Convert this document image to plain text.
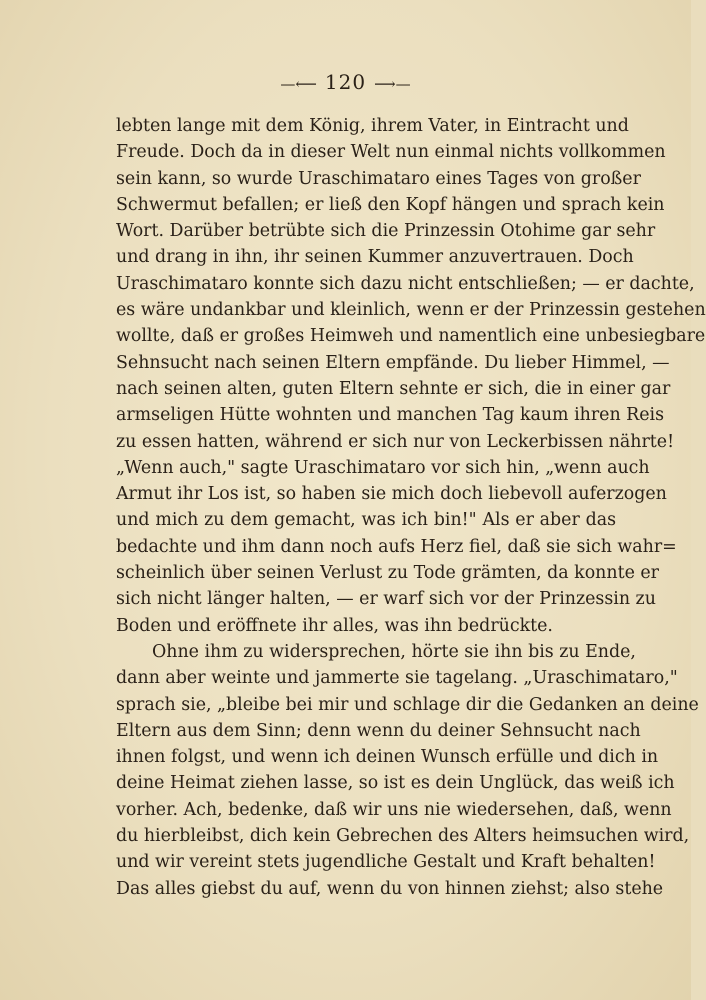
—⟵ 120 ⟶—
lebten lange mit dem König, ihrem Vater, in Eintracht und
Freude. Doch da in dieser Welt nun einmal nichts vollkommen
sein kann, so wurde Uraschimataro eines Tages von großer
Schwermut befallen; er ließ den Kopf hängen und sprach kein
Wort. Darüber betrübte sich die Prinzessin Otohime gar sehr
und drang in ihn, ihr seinen Kummer anzuvertrauen. Doch
Uraschimataro konnte sich dazu nicht entschließen; — er dachte,
es wäre undankbar und kleinlich, wenn er der Prinzessin gestehen
wollte, daß er großes Heimweh und namentlich eine unbesiegbare
Sehnsucht nach seinen Eltern empfände. Du lieber Himmel, —
nach seinen alten, guten Eltern sehnte er sich, die in einer gar
armseligen Hütte wohnten und manchen Tag kaum ihren Reis
zu essen hatten, während er sich nur von Leckerbissen nährte!
„Wenn auch," sagte Uraschimataro vor sich hin, „wenn auch
Armut ihr Los ist, so haben sie mich doch liebevoll auferzogen
und mich zu dem gemacht, was ich bin!" Als er aber das
bedachte und ihm dann noch aufs Herz fiel, daß sie sich wahr=
scheinlich über seinen Verlust zu Tode grämten, da konnte er
sich nicht länger halten, — er warf sich vor der Prinzessin zu
Boden und eröffnete ihr alles, was ihn bedrückte.
Ohne ihm zu widersprechen, hörte sie ihn bis zu Ende,
dann aber weinte und jammerte sie tagelang. „Uraschimataro,"
sprach sie, „bleibe bei mir und schlage dir die Gedanken an deine
Eltern aus dem Sinn; denn wenn du deiner Sehnsucht nach
ihnen folgst, und wenn ich deinen Wunsch erfülle und dich in
deine Heimat ziehen lasse, so ist es dein Unglück, das weiß ich
vorher. Ach, bedenke, daß wir uns nie wiedersehen, daß, wenn
du hierbleibst, dich kein Gebrechen des Alters heimsuchen wird,
und wir vereint stets jugendliche Gestalt und Kraft behalten!
Das alles giebst du auf, wenn du von hinnen ziehst; also stehe
